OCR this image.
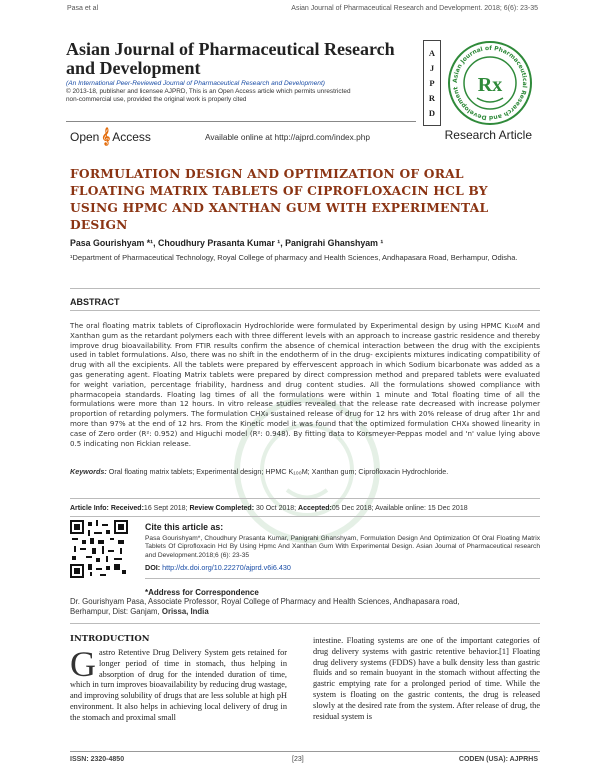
Pasa et al	Asian Journal of Pharmaceutical Research and Development. 2018; 6(6): 23-35
Asian Journal of Pharmaceutical Research and Development
(An International Peer-Reviewed Journal of Pharmaceutical Research and Development)
© 2013-18, publisher and licensee AJPRD, This is an Open Access article which permits unrestricted
non-commercial use, provided the original work is properly cited
A
J
P
R
D
Asian Journal of Pharmaceutical Research and Development Rx
Open 𝄞 Access	Available online at http://ajprd.com/index.php	Research Article
FORMULATION DESIGN AND OPTIMIZATION OF ORAL FLOATING MATRIX TABLETS OF CIPROFLOXACIN HCL BY USING HPMC AND XANTHAN GUM WITH EXPERIMENTAL DESIGN
Pasa Gourishyam *¹, Choudhury Prasanta Kumar ¹, Panigrahi Ghanshyam ¹
¹Department of Pharmaceutical Technology, Royal College of pharmacy and Health Sciences, Andhapasara Road, Berhampur, Odisha.
ABSTRACT
The oral floating matrix tablets of Ciprofloxacin Hydrochloride were formulated by Experimental design by using HPMC K₁₀₀M and Xanthan gum as the retardant polymers each with three different levels with an approach to increase gastric residence and thereby improve drug bioavailability. From FTIR results confirm the absence of chemical interaction between the drug with the excipients used in tablet formulations. Also, there was no shift in the endotherm of in the drug- excipients mixtures indicating compatibility of drug with all the excipients. All the tablets were prepared by effervescent approach in which Sodium bicarbonate was added as a gas generating agent. Floating Matrix tablets were prepared by direct compression method and prepared tablets were evaluated for weight variation, percentage friability, hardness and drug content studies. All the formulations showed compliance with pharmacopeia standards. Floating lag times of all the formulations were within 1 minute and Total floating time of all the formulations were more than 12 hours. In vitro release studies revealed that the release rate decreased with increase polymer proportion of retarding polymers. The formulation CHX₈ sustained release of drug for 12 hrs with 20% release of drug after 1hr and more than 97% at the end of 12 hrs. From the Kinetic model it was found that the optimized formulation CHX₈ showed linearity in case of Zero order (R²: 0.952) and Higuchi model (R²: 0.948). By fitting data to Korsmeyer-Peppas model and 'n' value lying above 0.5 indicating non Fickian release.
Keywords: Oral floating matrix tablets; Experimental design; HPMC K₁₀₀M; Xanthan gum; Ciprofloxacin Hydrochloride.
Article Info: Received:16 Sept 2018; Review Completed: 30 Oct 2018; Accepted:05 Dec 2018; Available online: 15 Dec 2018
Cite this article as:
Pasa Gourishyam*, Choudhury Prasanta Kumar, Panigrahi Ghanshyam, Formulation Design And Optimization Of Oral Floating Matrix Tablets Of Ciprofloxacin Hcl By Using Hpmc And Xanthan Gum With Experimental Design. Asian Journal of Pharmaceutical research and Development.2018;6 (6): 23-35
DOI: http://dx.doi.org/10.22270/ajprd.v6i6.430
*Address for Correspondence
Dr. Gourishyam Pasa, Associate Professor, Royal College of Pharmacy and Health Sciences, Andhapasara road,
Berhampur, Dist: Ganjam, Orissa, India
INTRODUCTION
Gastro Retentive Drug Delivery System gets retained for longer period of time in stomach, thus helping in absorption of drug for the intended duration of time, which in turn improves bioavailability by reducing drug wastage, and improving solubility of drugs that are less soluble at high pH environment. It also helps in achieving local delivery of drug in the stomach and proximal small
intestine. Floating systems are one of the important categories of drug delivery systems with gastric retentive behavior.[1] Floating drug delivery systems (FDDS) have a bulk density less than gastric fluids and so remain buoyant in the stomach without affecting the gastric emptying rate for a prolonged period of time. While the system is floating on the gastric contents, the drug is released slowly at the desired rate from the system. After release of drug, the residual system is
ISSN: 2320-4850	[23]	CODEN (USA): AJPRHS
